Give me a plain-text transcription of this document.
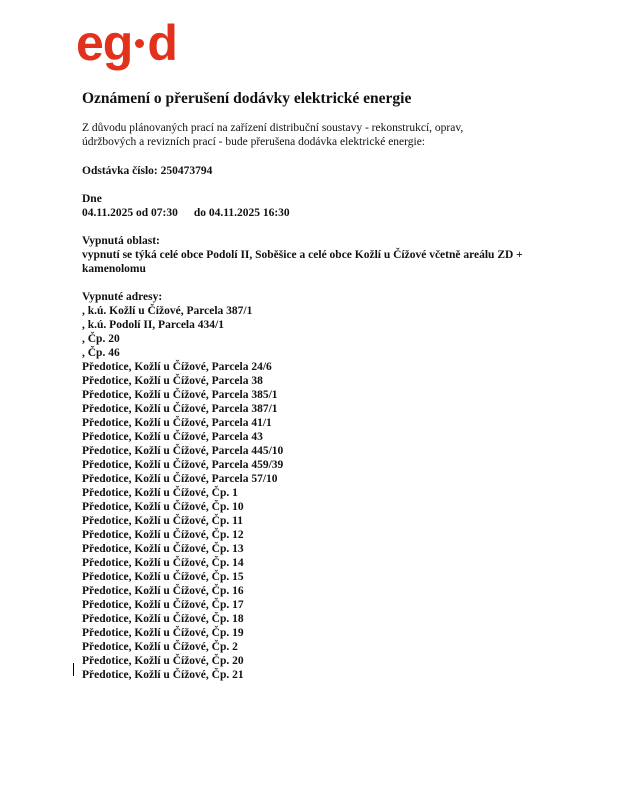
eg d
Oznámení o přerušení dodávky elektrické energie
Z důvodu plánovaných prací na zařízení distribuční soustavy - rekonstrukcí, oprav,
údržbových a revizních prací - bude přerušena dodávka elektrické energie:
Odstávka číslo: 250473794
Dne
04.11.2025 od 07:30 do 04.11.2025 16:30
Vypnutá oblast:
vypnutí se týká celé obce Podolí II, Soběšice a celé obce Kožlí u Čížové včetně areálu ZD + kamenolomu
Vypnuté adresy:
, k.ú. Kožlí u Čížové, Parcela 387/1
, k.ú. Podolí II, Parcela 434/1
, Čp. 20
, Čp. 46
Předotice, Kožlí u Čížové, Parcela 24/6
Předotice, Kožlí u Čížové, Parcela 38
Předotice, Kožlí u Čížové, Parcela 385/1
Předotice, Kožlí u Čížové, Parcela 387/1
Předotice, Kožlí u Čížové, Parcela 41/1
Předotice, Kožlí u Čížové, Parcela 43
Předotice, Kožlí u Čížové, Parcela 445/10
Předotice, Kožlí u Čížové, Parcela 459/39
Předotice, Kožlí u Čížové, Parcela 57/10
Předotice, Kožlí u Čížové, Čp. 1
Předotice, Kožlí u Čížové, Čp. 10
Předotice, Kožlí u Čížové, Čp. 11
Předotice, Kožlí u Čížové, Čp. 12
Předotice, Kožlí u Čížové, Čp. 13
Předotice, Kožlí u Čížové, Čp. 14
Předotice, Kožlí u Čížové, Čp. 15
Předotice, Kožlí u Čížové, Čp. 16
Předotice, Kožlí u Čížové, Čp. 17
Předotice, Kožlí u Čížové, Čp. 18
Předotice, Kožlí u Čížové, Čp. 19
Předotice, Kožlí u Čížové, Čp. 2
Předotice, Kožlí u Čížové, Čp. 20
Předotice, Kožlí u Čížové, Čp. 21
